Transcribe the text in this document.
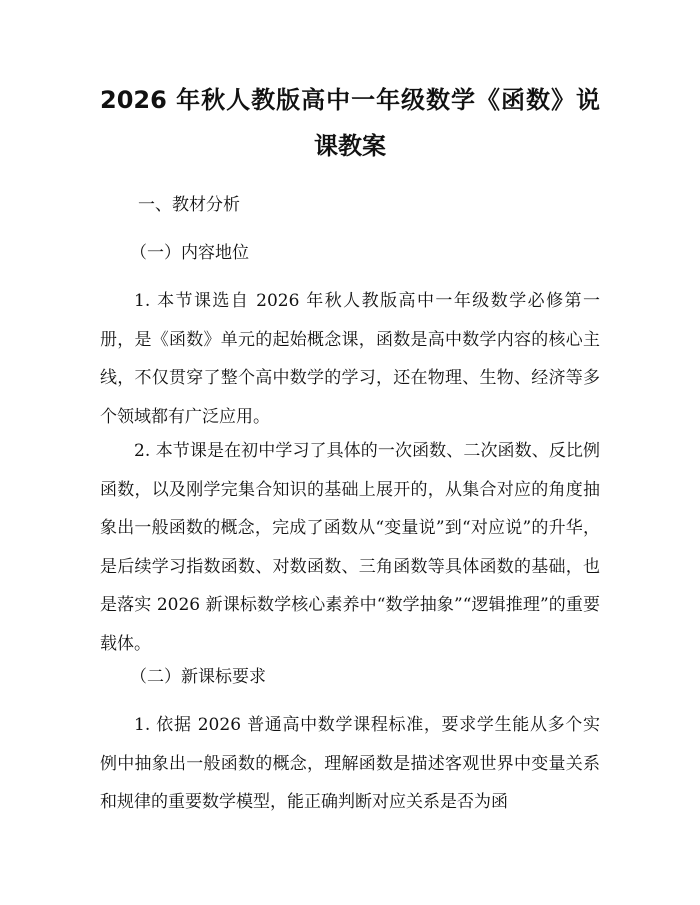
2026 年秋人教版高中一年级数学《函数》说课教案

一、教材分析

（一）内容地位

1. 本节课选自 2026 年秋人教版高中一年级数学必修第一册，是《函数》单元的起始概念课，函数是高中数学内容的核心主线，不仅贯穿了整个高中数学的学习，还在物理、生物、经济等多个领域都有广泛应用。

2. 本节课是在初中学习了具体的一次函数、二次函数、反比例函数，以及刚学完集合知识的基础上展开的，从集合对应的角度抽象出一般函数的概念，完成了函数从“变量说”到“对应说”的升华，是后续学习指数函数、对数函数、三角函数等具体函数的基础，也是落实 2026 新课标数学核心素养中“数学抽象”“逻辑推理”的重要载体。

（二）新课标要求

1. 依据 2026 普通高中数学课程标准，要求学生能从多个实例中抽象出一般函数的概念，理解函数是描述客观世界中变量关系和规律的重要数学模型，能正确判断对应关系是否为函
